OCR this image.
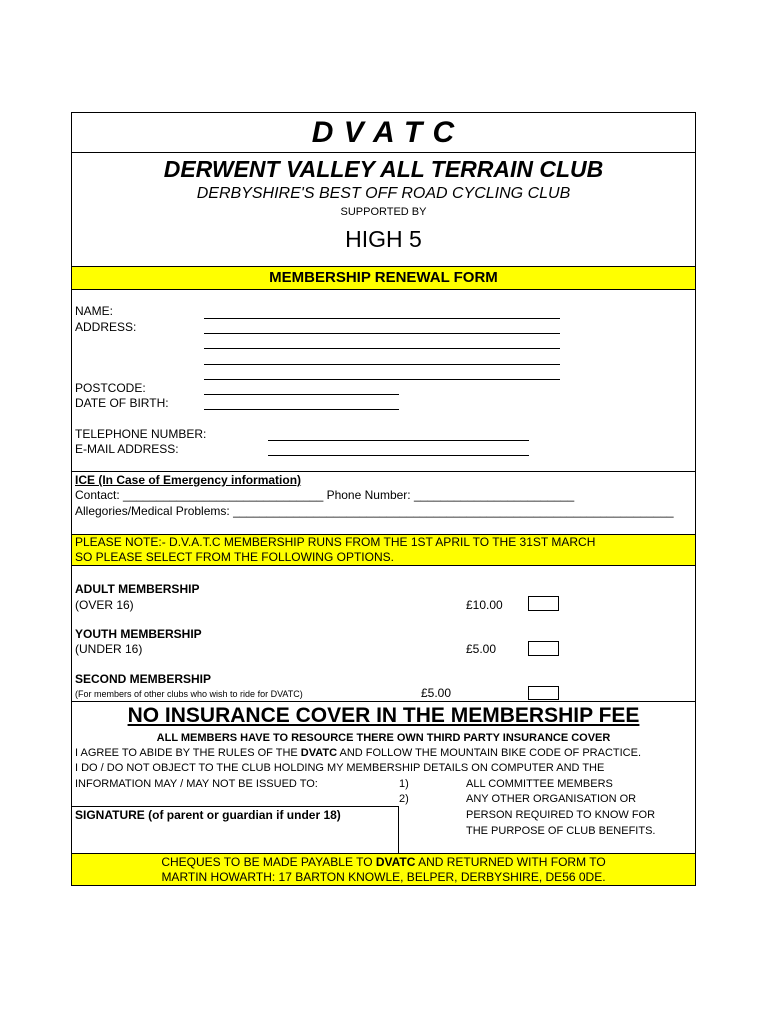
D V A T C
DERWENT VALLEY ALL TERRAIN CLUB
DERBYSHIRE'S BEST OFF ROAD CYCLING CLUB
SUPPORTED BY
HIGH 5
MEMBERSHIP RENEWAL FORM
NAME:
ADDRESS:
POSTCODE:
DATE OF BIRTH:
TELEPHONE NUMBER:
E-MAIL ADDRESS:
ICE (In Case of Emergency information)
Contact: ______________________________ Phone Number: ________________________
Allegories/Medical Problems: __________________________________________________________________
PLEASE NOTE:- D.V.A.T.C MEMBERSHIP RUNS FROM THE 1ST APRIL TO THE 31ST MARCH
SO PLEASE SELECT FROM THE FOLLOWING OPTIONS.
ADULT MEMBERSHIP
(OVER 16)	£10.00
YOUTH MEMBERSHIP
(UNDER 16)	£5.00
SECOND MEMBERSHIP
(For members of other clubs who wish to ride for DVATC)	£5.00
NO INSURANCE COVER IN THE MEMBERSHIP FEE
ALL MEMBERS HAVE TO RESOURCE THERE OWN THIRD PARTY INSURANCE COVER
I AGREE TO ABIDE BY THE RULES OF THE DVATC AND FOLLOW THE MOUNTAIN BIKE CODE OF PRACTICE.
I DO / DO NOT OBJECT TO THE CLUB HOLDING MY MEMBERSHIP DETAILS ON COMPUTER AND THE
INFORMATION MAY / MAY NOT BE ISSUED TO:	1)	ALL COMMITTEE MEMBERS
2)	ANY OTHER ORGANISATION OR
PERSON REQUIRED TO KNOW FOR
THE PURPOSE OF CLUB BENEFITS.
SIGNATURE (of parent or guardian if under 18)
CHEQUES TO BE MADE PAYABLE TO DVATC AND RETURNED WITH FORM TO
MARTIN HOWARTH: 17 BARTON KNOWLE, BELPER, DERBYSHIRE, DE56 0DE.
